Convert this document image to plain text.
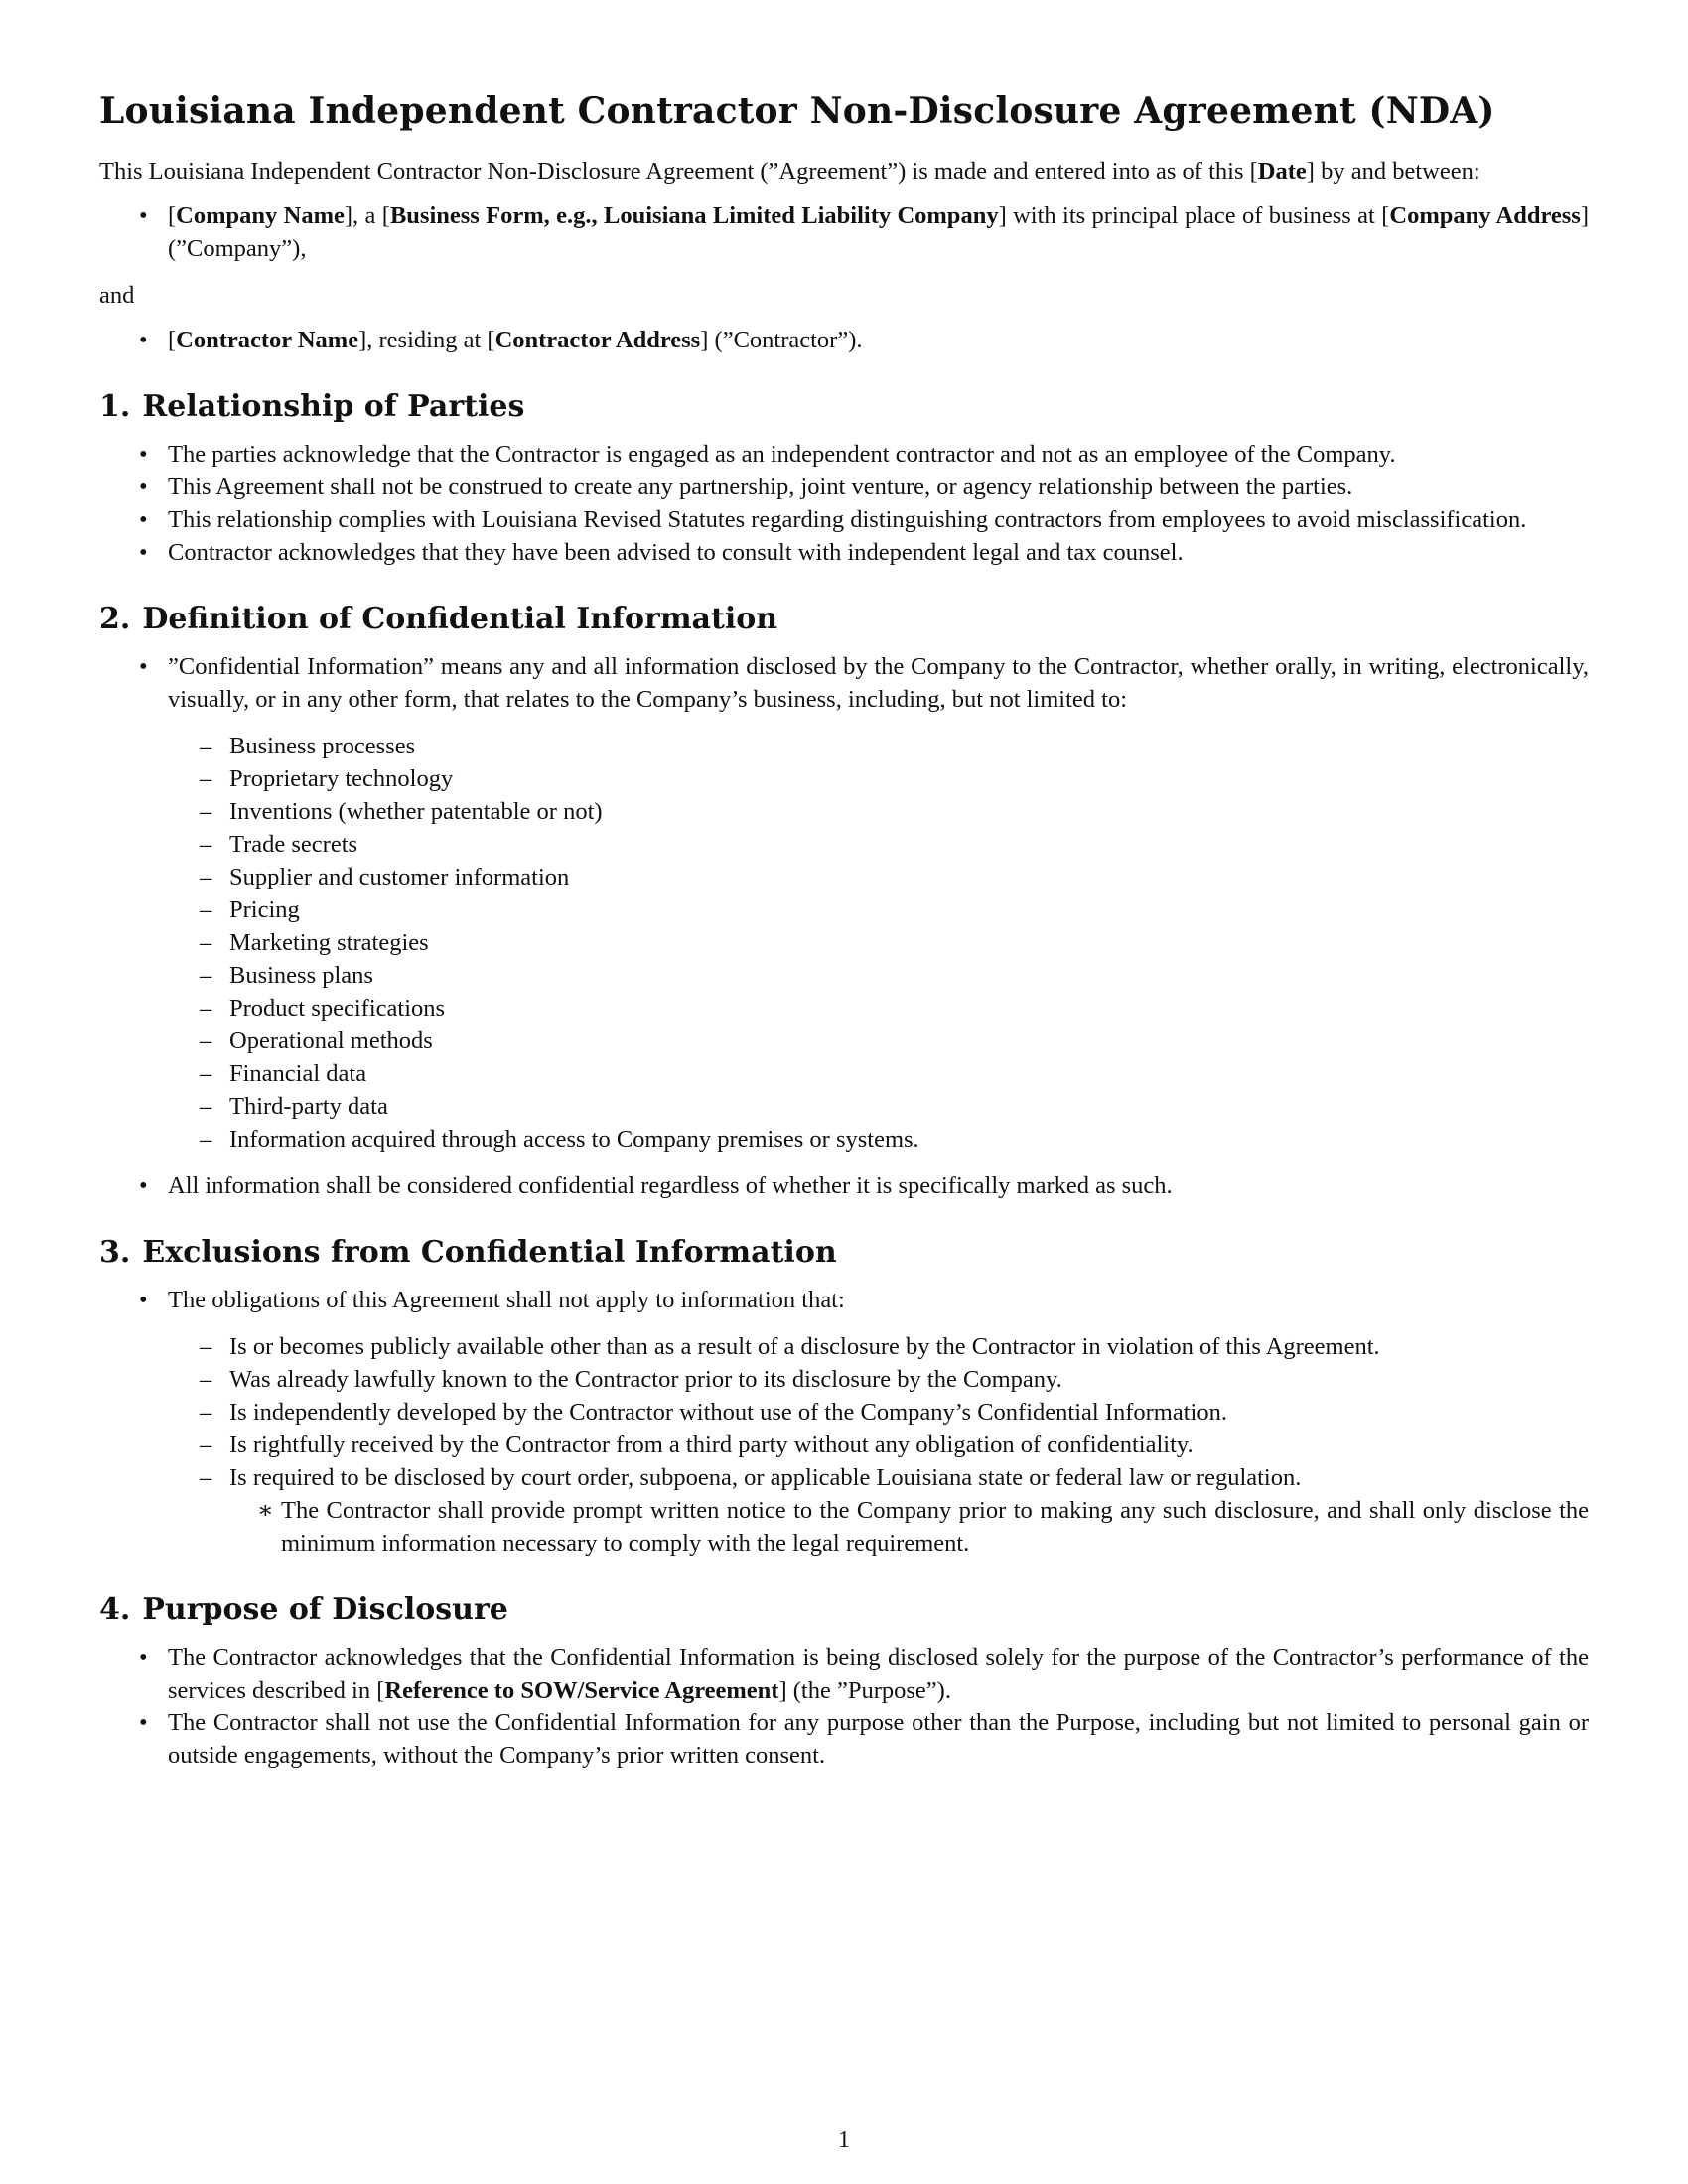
Louisiana Independent Contractor Non-Disclosure Agreement (NDA)

This Louisiana Independent Contractor Non-Disclosure Agreement (”Agreement”) is made and entered into as of this [Date] by and between:

• [Company Name], a [Business Form, e.g., Louisiana Limited Liability Company] with its principal place of business at [Company Address] (”Company”),

and

• [Contractor Name], residing at [Contractor Address] (”Contractor”).
1. Relationship of Parties
• The parties acknowledge that the Contractor is engaged as an independent contractor and not as an employee of the Company.
• This Agreement shall not be construed to create any partnership, joint venture, or agency relationship between the parties.
• This relationship complies with Louisiana Revised Statutes regarding distinguishing contractors from employees to avoid misclassification.
• Contractor acknowledges that they have been advised to consult with independent legal and tax counsel.
2. Definition of Confidential Information
• ”Confidential Information” means any and all information disclosed by the Company to the Contractor, whether orally, in writing, electronically, visually, or in any other form, that relates to the Company’s business, including, but not limited to:
– Business processes
– Proprietary technology
– Inventions (whether patentable or not)
– Trade secrets
– Supplier and customer information
– Pricing
– Marketing strategies
– Business plans
– Product specifications
– Operational methods
– Financial data
– Third-party data
– Information acquired through access to Company premises or systems.
• All information shall be considered confidential regardless of whether it is specifically marked as such.
3. Exclusions from Confidential Information
• The obligations of this Agreement shall not apply to information that:
– Is or becomes publicly available other than as a result of a disclosure by the Contractor in violation of this Agreement.
– Was already lawfully known to the Contractor prior to its disclosure by the Company.
– Is independently developed by the Contractor without use of the Company’s Confidential Information.
– Is rightfully received by the Contractor from a third party without any obligation of confidentiality.
– Is required to be disclosed by court order, subpoena, or applicable Louisiana state or federal law or regulation.
∗ The Contractor shall provide prompt written notice to the Company prior to making any such disclosure, and shall only disclose the minimum information necessary to comply with the legal requirement.
4. Purpose of Disclosure
• The Contractor acknowledges that the Confidential Information is being disclosed solely for the purpose of the Contractor’s performance of the services described in [Reference to SOW/Service Agreement] (the ”Purpose”).
• The Contractor shall not use the Confidential Information for any purpose other than the Purpose, including but not limited to personal gain or outside engagements, without the Company’s prior written consent.
1
